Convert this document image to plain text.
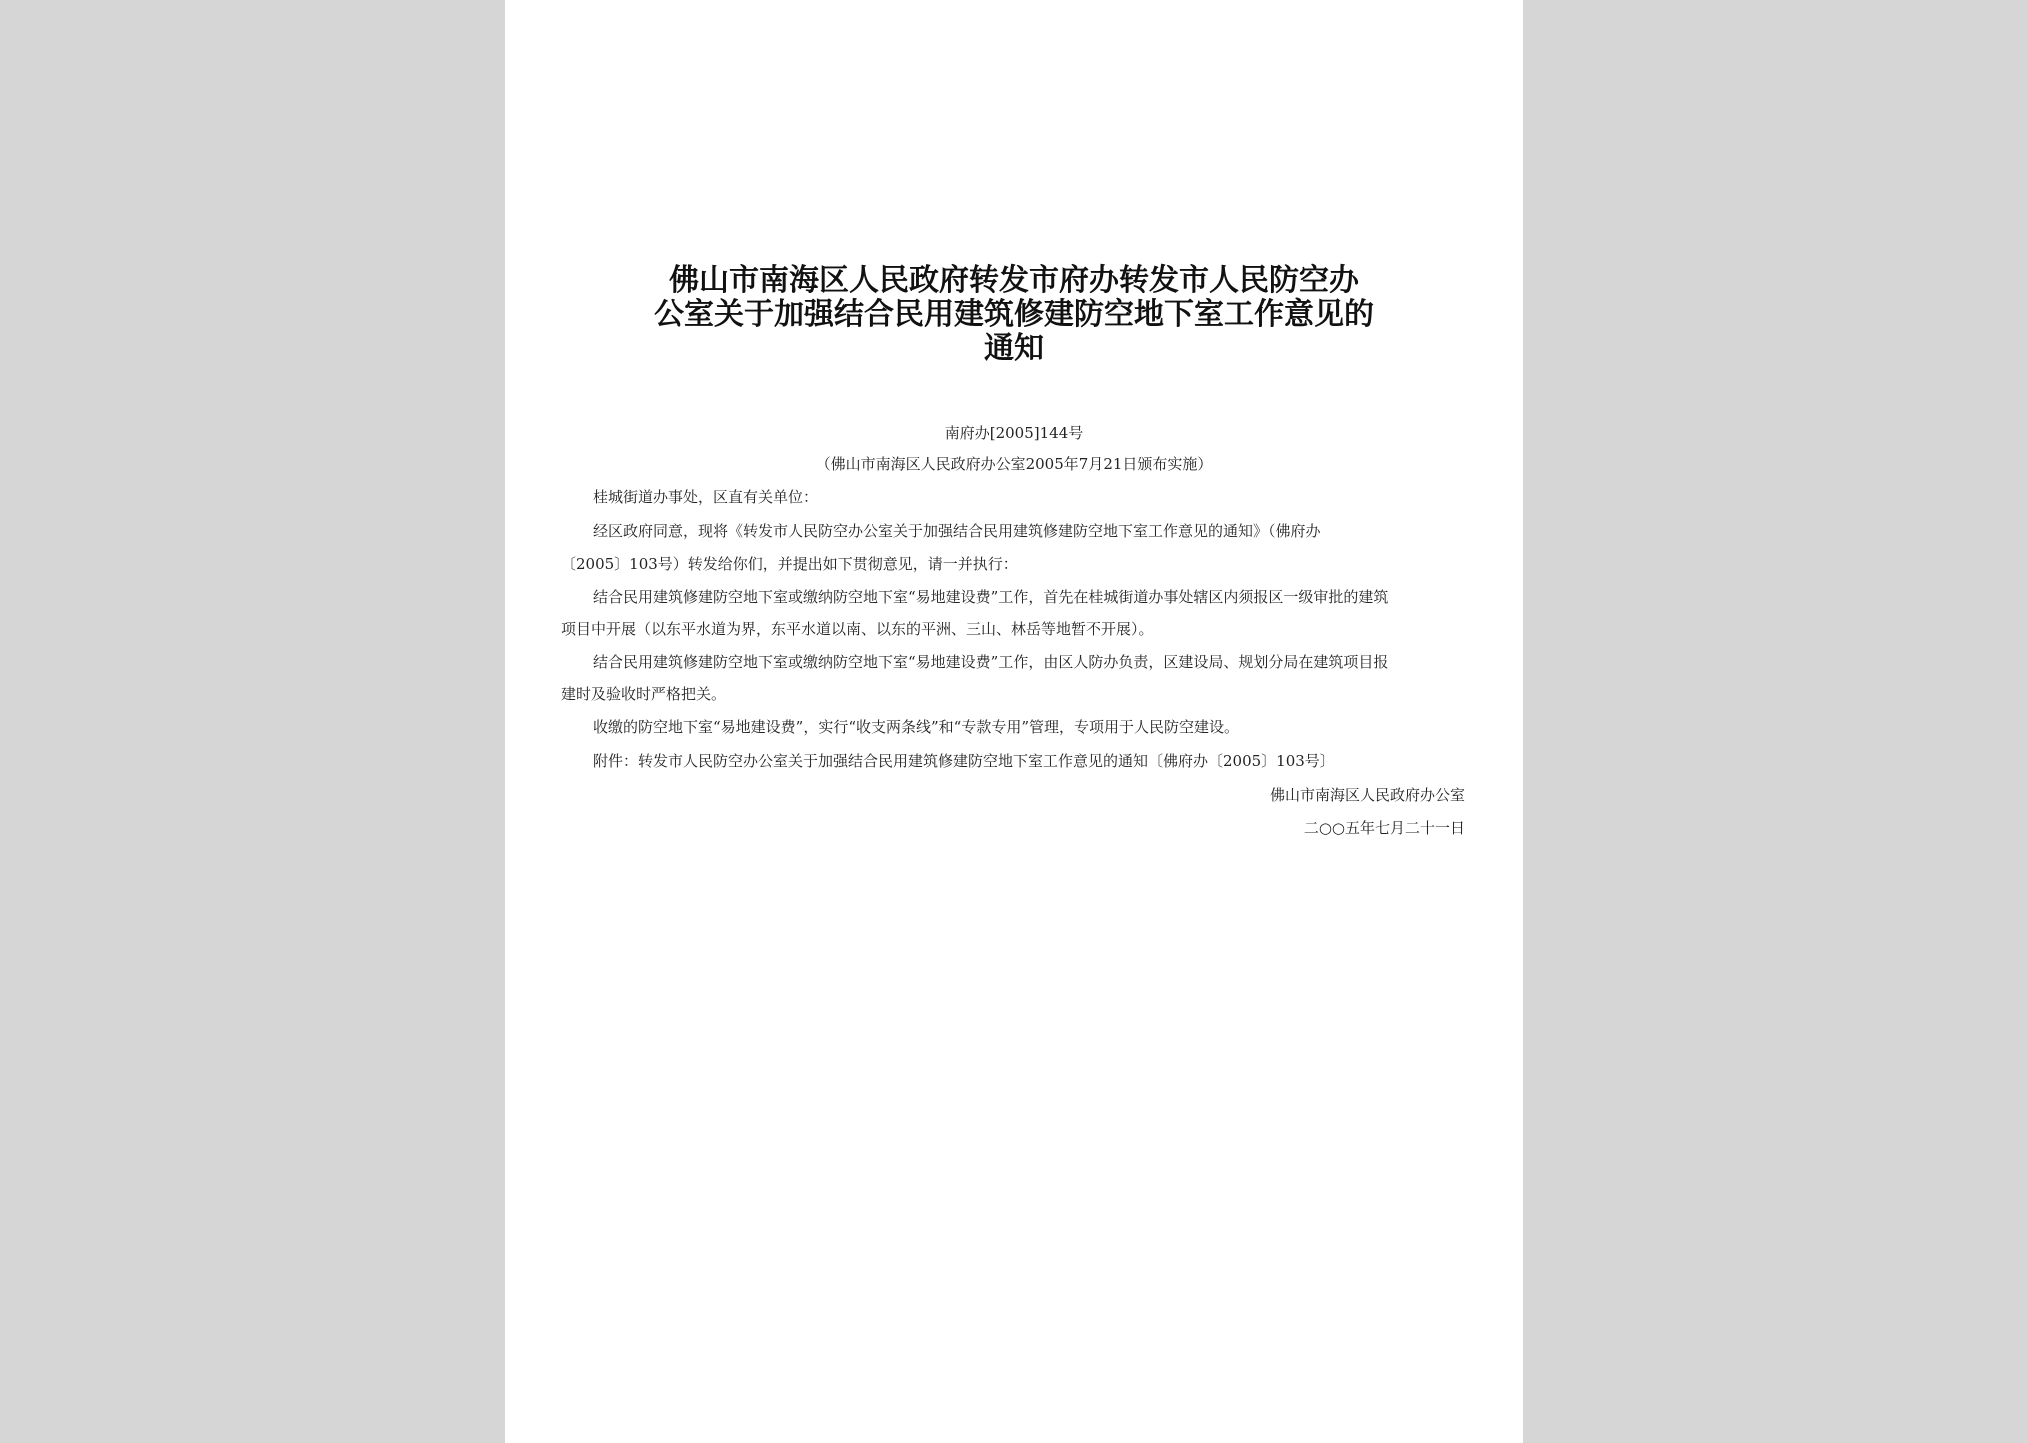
佛山市南海区人民政府转发市府办转发市人民防空办
公室关于加强结合民用建筑修建防空地下室工作意见的
通知
南府办[2005]144号
（佛山市南海区人民政府办公室2005年7月21日颁布实施）
桂城街道办事处，区直有关单位：
经区政府同意，现将《转发市人民防空办公室关于加强结合民用建筑修建防空地下室工作意见的通知》（佛府办
〔2005〕103号）转发给你们，并提出如下贯彻意见，请一并执行：
结合民用建筑修建防空地下室或缴纳防空地下室“易地建设费”工作，首先在桂城街道办事处辖区内须报区一级审批的建筑
项目中开展（以东平水道为界，东平水道以南、以东的平洲、三山、林岳等地暂不开展）。
结合民用建筑修建防空地下室或缴纳防空地下室“易地建设费”工作，由区人防办负责，区建设局、规划分局在建筑项目报
建时及验收时严格把关。
收缴的防空地下室“易地建设费”，实行“收支两条线”和“专款专用”管理，专项用于人民防空建设。
附件：转发市人民防空办公室关于加强结合民用建筑修建防空地下室工作意见的通知〔佛府办〔2005〕103号〕
佛山市南海区人民政府办公室
二○○五年七月二十一日
